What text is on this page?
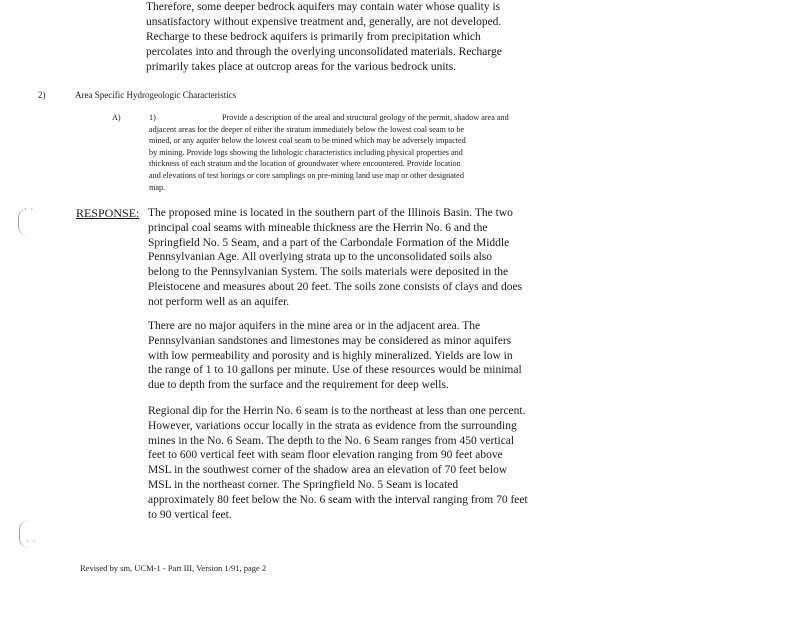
Therefore, some deeper bedrock aquifers may contain water whose quality is
unsatisfactory without expensive treatment and, generally, are not developed.
Recharge to these bedrock aquifers is primarily from precipitation which
percolates into and through the overlying unconsolidated materials. Recharge
primarily takes place at outcrop areas for the various bedrock units.
2)	Area Specific Hydrogeologic Characteristics
A)	1)	Provide a description of the areal and structural geology of the permit, shadow area and
adjacent areas for the deeper of either the stratum immediately below the lowest coal seam to be
mined, or any aquifer below the lowest coal seam to be mined which may be adversely impacted
by mining. Provide logs showing the lithologic characteristics including physical properties and
thickness of each stratum and the location of groundwater where encountered. Provide location
and elevations of test borings or core samplings on pre-mining land use map or other designated
map.
RESPONSE: The proposed mine is located in the southern part of the Illinois Basin. The two
principal coal seams with mineable thickness are the Herrin No. 6 and the
Springfield No. 5 Seam, and a part of the Carbondale Formation of the Middle
Pennsylvanian Age. All overlying strata up to the unconsolidated soils also
belong to the Pennsylvanian System. The soils materials were deposited in the
Pleistocene and measures about 20 feet. The soils zone consists of clays and does
not perform well as an aquifer.
There are no major aquifers in the mine area or in the adjacent area. The
Pennsylvanian sandstones and limestones may be considered as minor aquifers
with low permeability and porosity and is highly mineralized. Yields are low in
the range of 1 to 10 gallons per minute. Use of these resources would be minimal
due to depth from the surface and the requirement for deep wells.
Regional dip for the Herrin No. 6 seam is to the northeast at less than one percent.
However, variations occur locally in the strata as evidence from the surrounding
mines in the No. 6 Seam. The depth to the No. 6 Seam ranges from 450 vertical
feet to 600 vertical feet with seam floor elevation ranging from 90 feet above
MSL in the southwest corner of the shadow area an elevation of 70 feet below
MSL in the northeast corner. The Springfield No. 5 Seam is located
approximately 80 feet below the No. 6 seam with the interval ranging from 70 feet
to 90 vertical feet.
Revised by sm, UCM-1 - Part III, Version 1/91, page 2
· ·
· ·
